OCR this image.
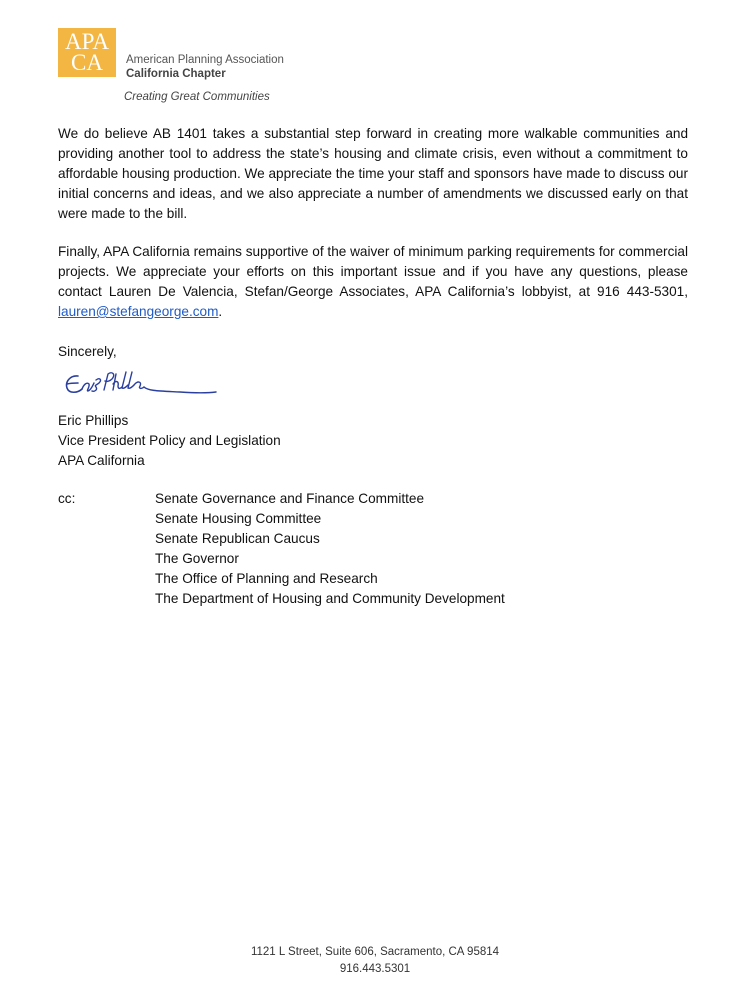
APA
CA	American Planning Association
California Chapter
Creating Great Communities

We do believe AB 1401 takes a substantial step forward in creating more walkable communities and providing another tool to address the state’s housing and climate crisis, even without a commitment to affordable housing production. We appreciate the time your staff and sponsors have made to discuss our initial concerns and ideas, and we also appreciate a number of amendments we discussed early on that were made to the bill.

Finally, APA California remains supportive of the waiver of minimum parking requirements for commercial projects. We appreciate your efforts on this important issue and if you have any questions, please contact Lauren De Valencia, Stefan/George Associates, APA California’s lobbyist, at 916 443-5301, lauren@stefangeorge.com.

Sincerely,

Eric Phillips

Vice President Policy and Legislation

APA California

cc:	Senate Governance and Finance Committee
Senate Housing Committee
Senate Republican Caucus
The Governor
The Office of Planning and Research
The Department of Housing and Community Development
1121 L Street, Suite 606, Sacramento, CA 95814
916.443.5301
